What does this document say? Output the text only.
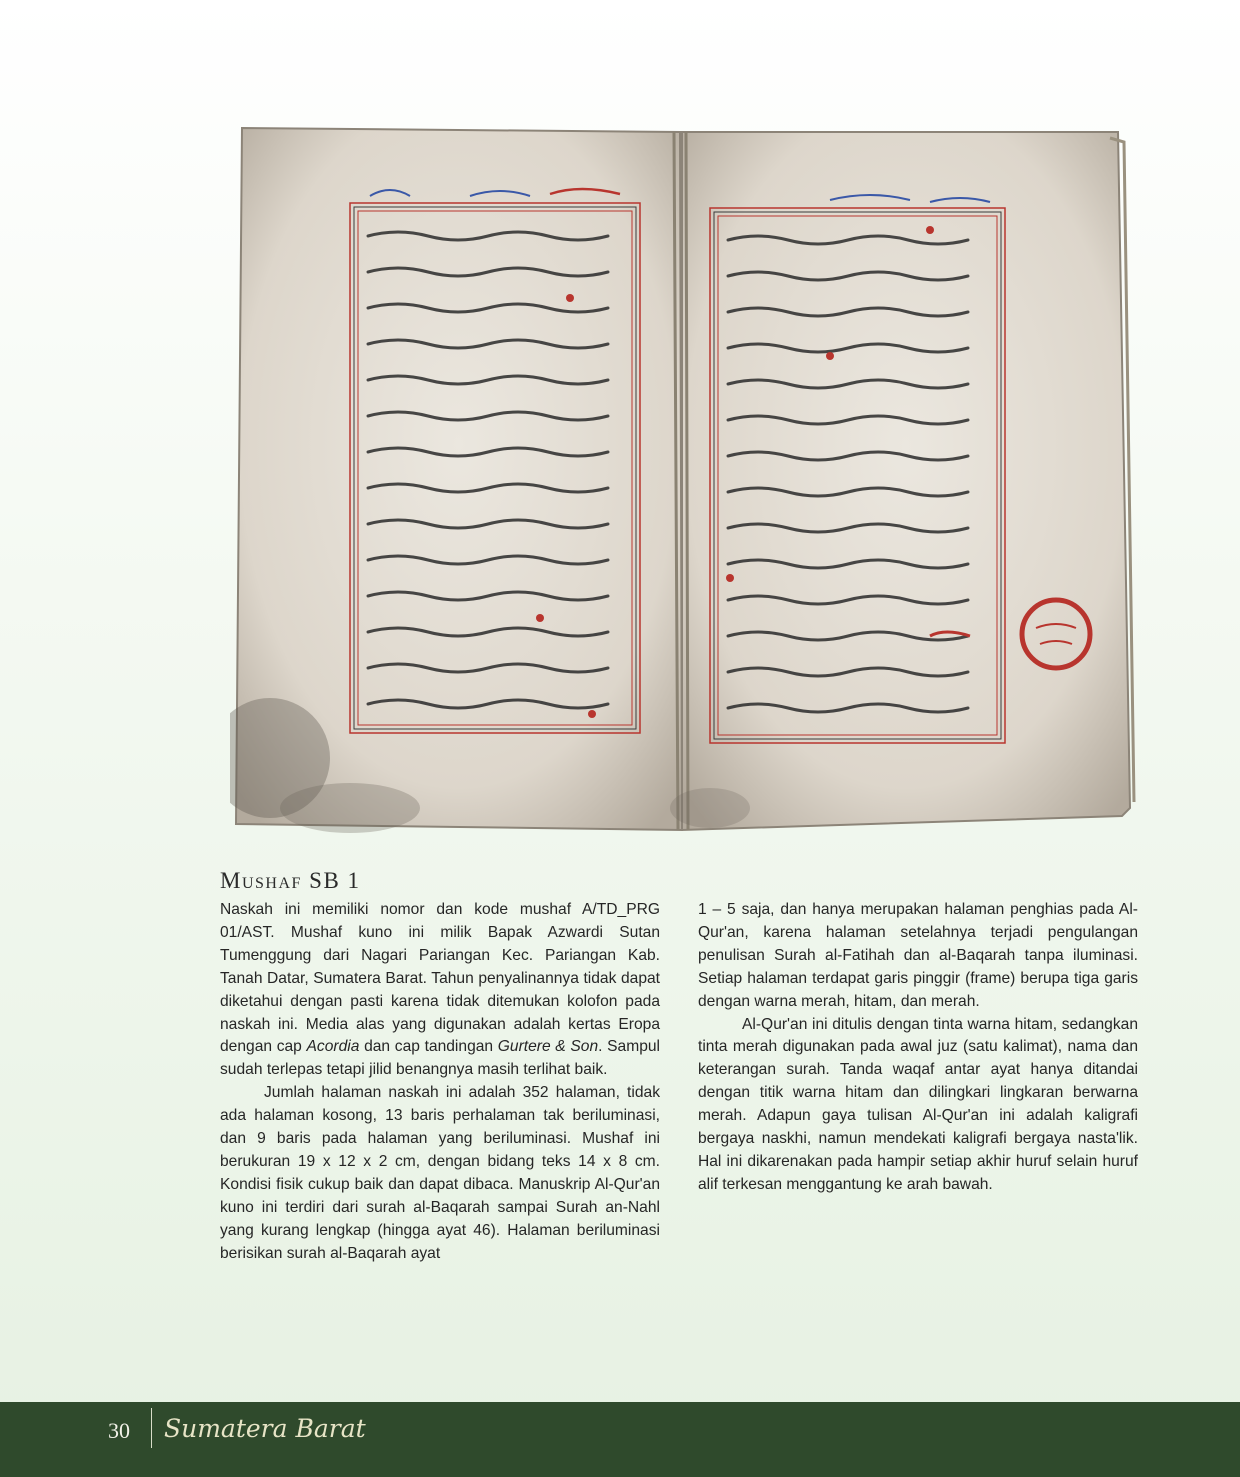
Mushaf SB 1

Naskah ini memiliki nomor dan kode mushaf A/TD_PRG 01/AST. Mushaf kuno ini milik Bapak Azwardi Sutan Tumenggung dari Nagari Pariangan Kec. Pariangan Kab. Tanah Datar, Sumatera Barat. Tahun penyalinannya tidak dapat diketahui dengan pasti karena tidak ditemukan kolofon pada naskah ini. Media alas yang digunakan adalah kertas Eropa dengan cap Acordia dan cap tandingan Gurtere & Son. Sampul sudah terlepas tetapi jilid benangnya masih terlihat baik.

Jumlah halaman naskah ini adalah 352 halaman, tidak ada halaman kosong, 13 baris perhalaman tak beriluminasi, dan 9 baris pada halaman yang beriluminasi. Mushaf ini berukuran 19 x 12 x 2 cm, dengan bidang teks 14 x 8 cm. Kondisi fisik cukup baik dan dapat dibaca. Manuskrip Al-Qur'an kuno ini terdiri dari surah al-Baqarah sampai Surah an-Nahl yang kurang lengkap (hingga ayat 46). Halaman beriluminasi berisikan surah al-Baqarah ayat

1 – 5 saja, dan hanya merupakan halaman penghias pada Al-Qur'an, karena halaman setelahnya terjadi pengulangan penulisan Surah al-Fatihah dan al-Baqarah tanpa iluminasi. Setiap halaman terdapat garis pinggir (frame) berupa tiga garis dengan warna merah, hitam, dan merah.

Al-Qur'an ini ditulis dengan tinta warna hitam, sedangkan tinta merah digunakan pada awal juz (satu kalimat), nama dan keterangan surah. Tanda waqaf antar ayat hanya ditandai dengan titik warna hitam dan dilingkari lingkaran berwarna merah. Adapun gaya tulisan Al-Qur'an ini adalah kaligrafi bergaya naskhi, namun mendekati kaligrafi bergaya nasta'lik. Hal ini dikarenakan pada hampir setiap akhir huruf selain huruf alif terkesan menggantung ke arah bawah.

30 Sumatera Barat
